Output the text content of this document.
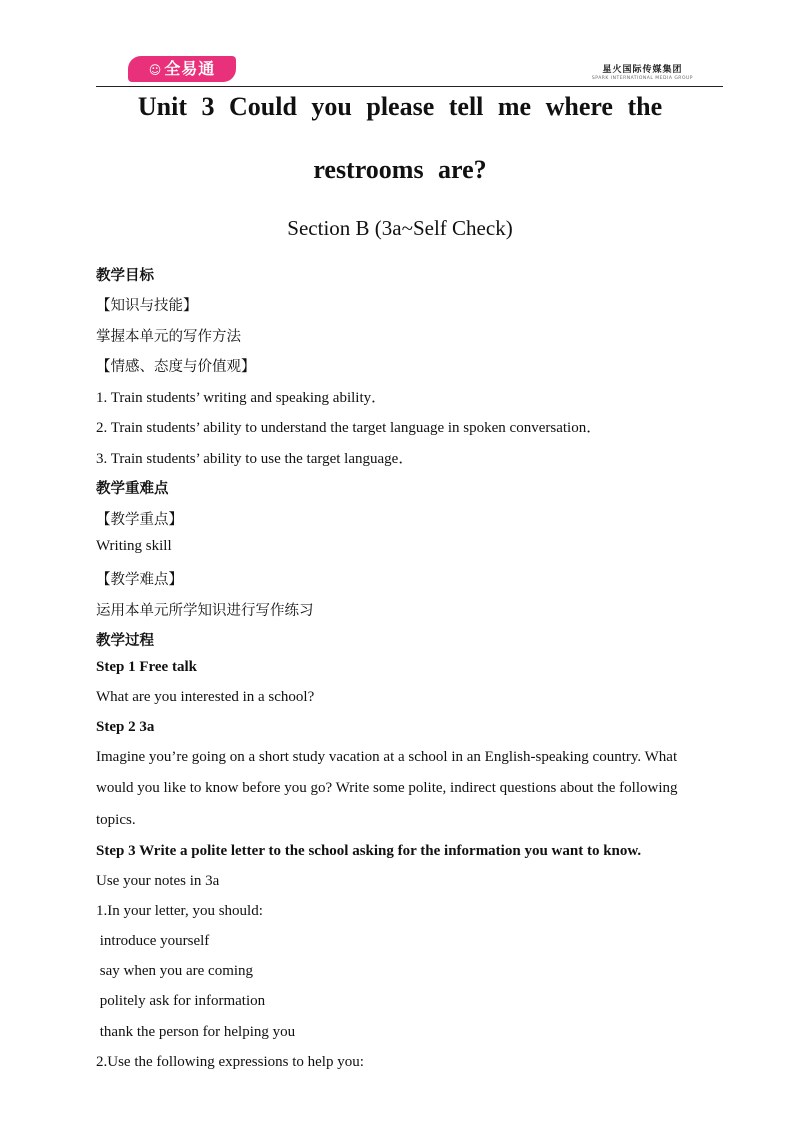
☺ 全易通	星火国际传媒集团
SPARK INTERNATIONAL MEDIA GROUP
Unit 3 Could you please tell me where the
restrooms are?
Section B (3a~Self Check)
教学目标
【知识与技能】
掌握本单元的写作方法
【情感、态度与价值观】
1. Train students’ writing and speaking ability．
2. Train students’ ability to understand the target language in spoken conversation．
3. Train students’ ability to use the target language．
教学重难点
【教学重点】
Writing skill
【教学难点】
运用本单元所学知识进行写作练习
教学过程
Step 1 Free talk
What are you interested in a school?
Step 2 3a
Imagine you’re going on a short study vacation at a school in an English-speaking country. What
would you like to know before you go? Write some polite, indirect questions about the following
topics.
Step 3 Write a polite letter to the school asking for the information you want to know.
Use your notes in 3a
1.In your letter, you should:
introduce yourself
say when you are coming
politely ask for information
thank the person for helping you
2.Use the following expressions to help you:
